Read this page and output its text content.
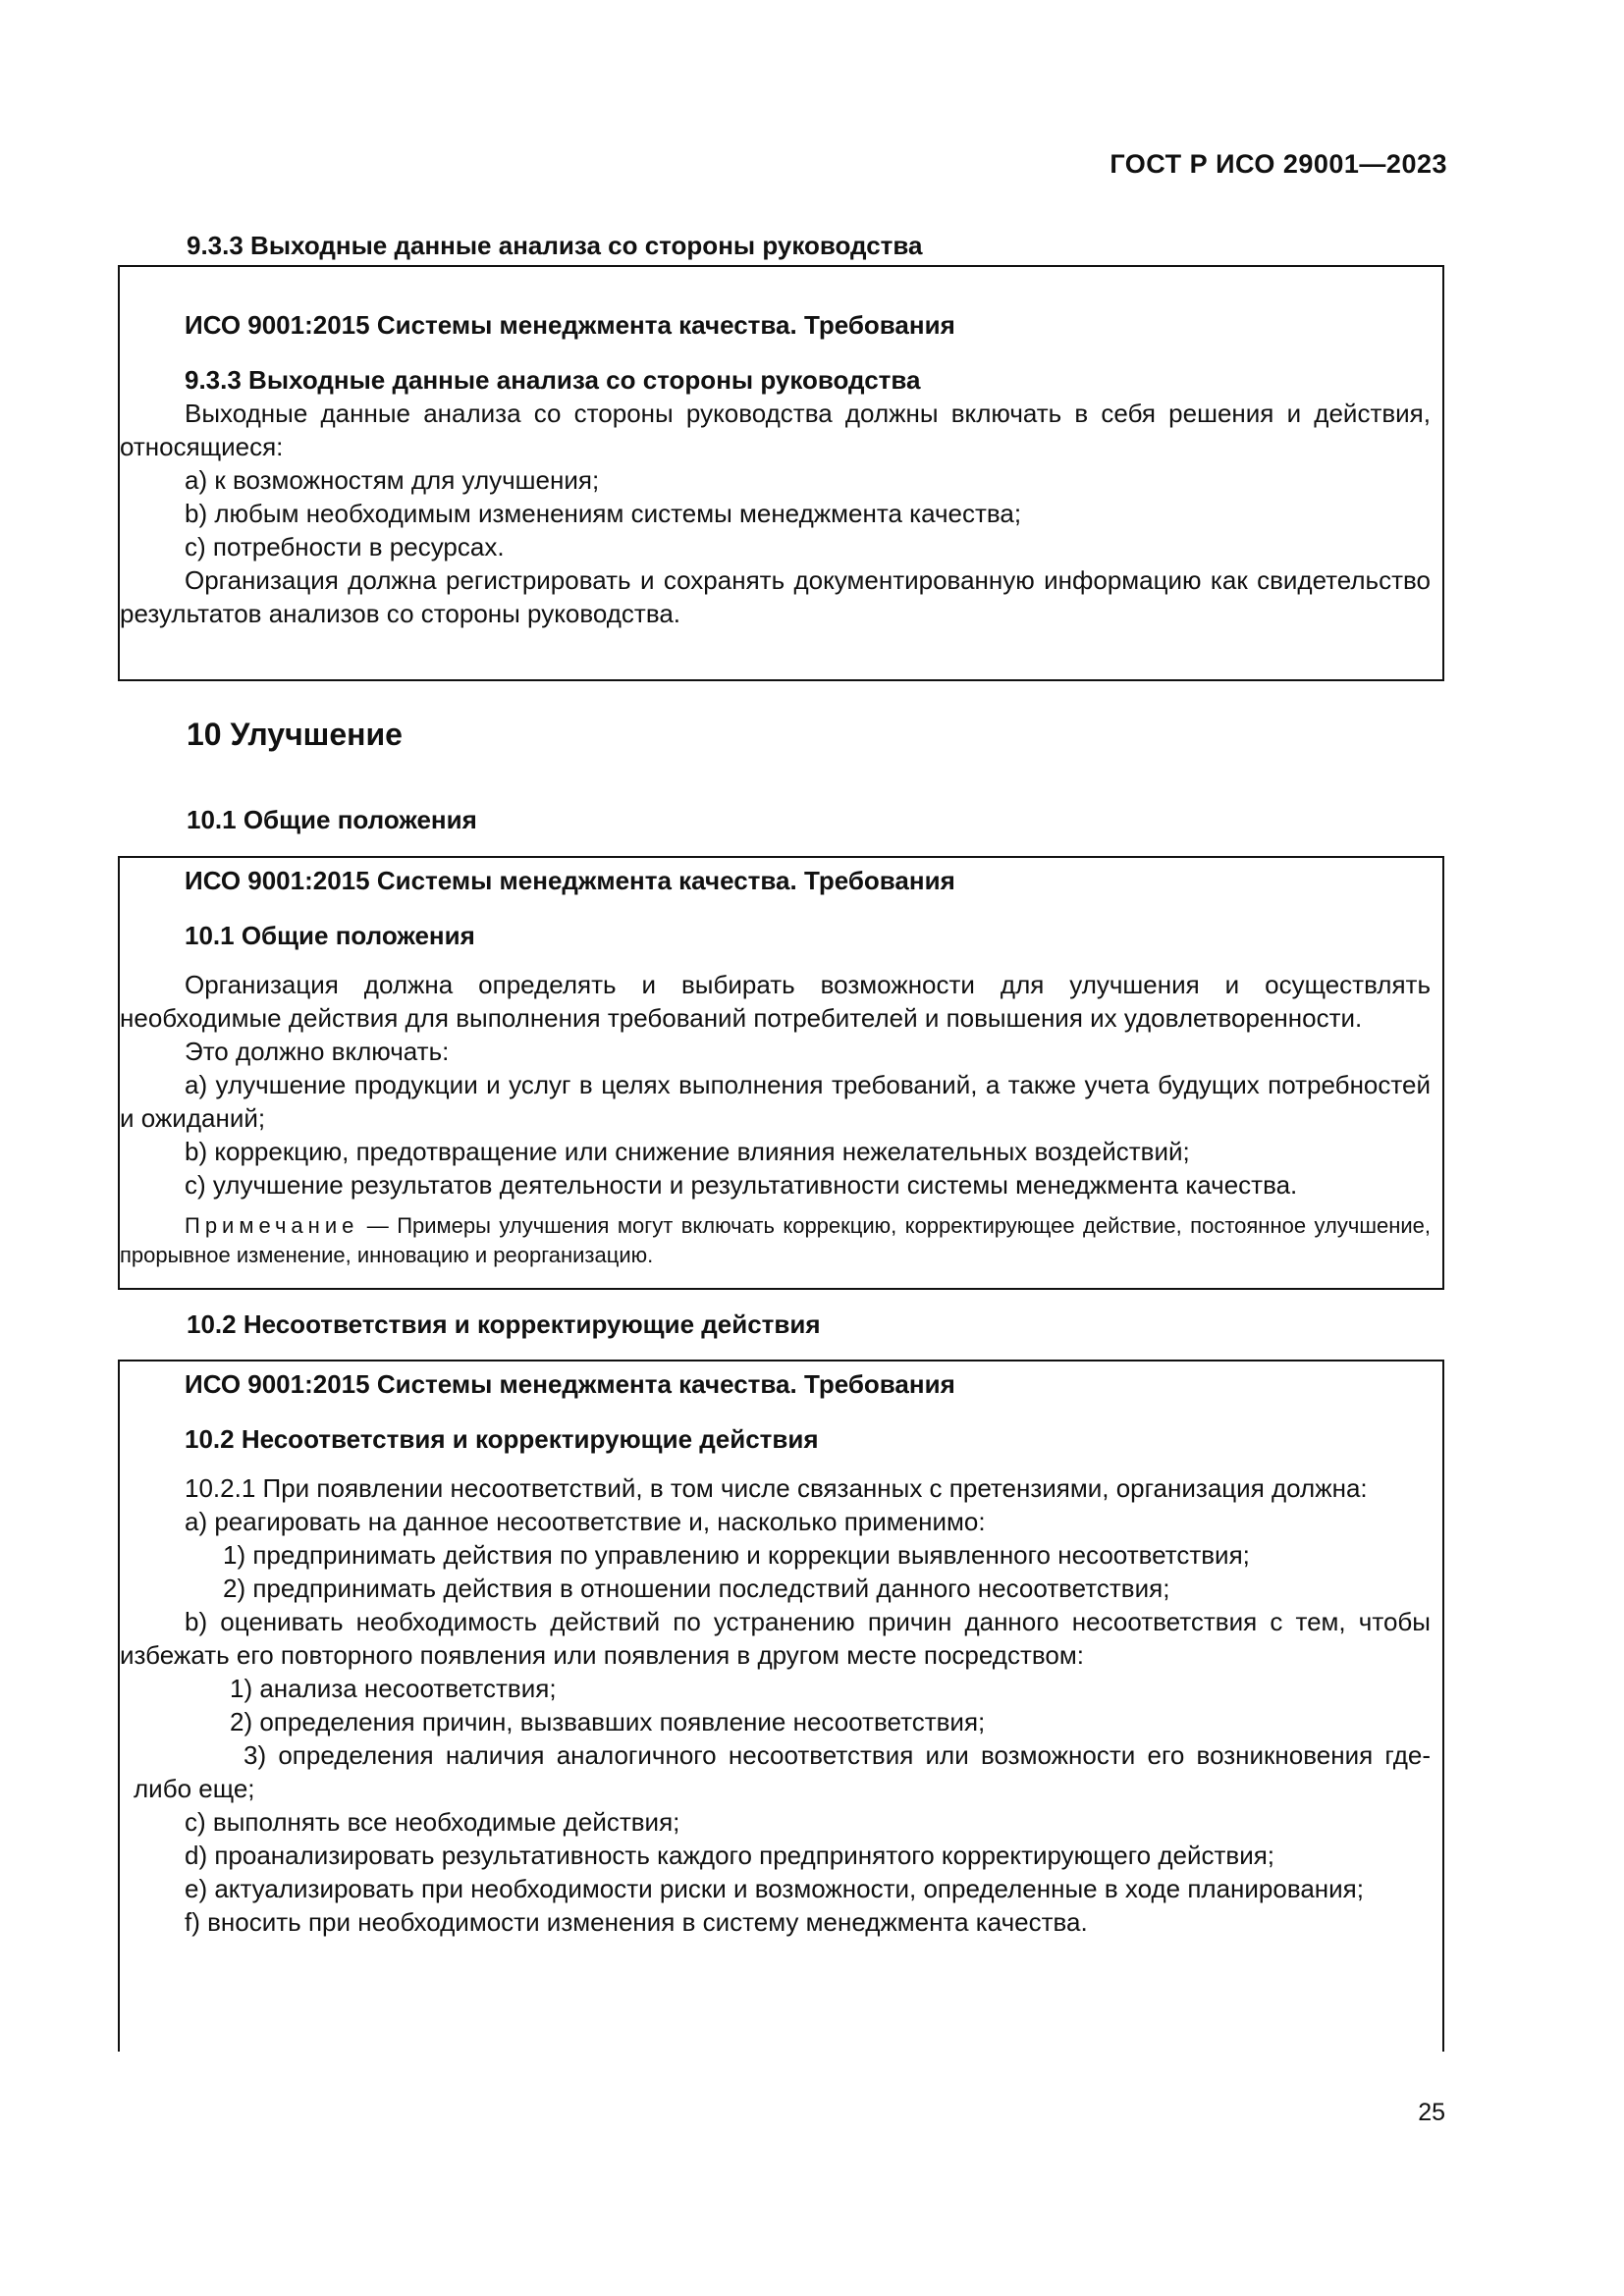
ГОСТ Р ИСО 29001—2023
9.3.3 Выходные данные анализа со стороны руководства
ИСО 9001:2015 Системы менеджмента качества. Требования
9.3.3 Выходные данные анализа со стороны руководства
Выходные данные анализа со стороны руководства должны включать в себя решения и действия, относящиеся:
a) к возможностям для улучшения;
b) любым необходимым изменениям системы менеджмента качества;
c) потребности в ресурсах.
Организация должна регистрировать и сохранять документированную информацию как свидетельство результатов анализов со стороны руководства.
10 Улучшение
10.1 Общие положения
ИСО 9001:2015 Системы менеджмента качества. Требования
10.1 Общие положения
Организация должна определять и выбирать возможности для улучшения и осуществлять необходимые действия для выполнения требований потребителей и повышения их удовлетворенности.
Это должно включать:
a) улучшение продукции и услуг в целях выполнения требований, а также учета будущих потребностей и ожиданий;
b) коррекцию, предотвращение или снижение влияния нежелательных воздействий;
c) улучшение результатов деятельности и результативности системы менеджмента качества.
Примечание — Примеры улучшения могут включать коррекцию, корректирующее действие, постоянное улучшение, прорывное изменение, инновацию и реорганизацию.
10.2 Несоответствия и корректирующие действия
ИСО 9001:2015 Системы менеджмента качества. Требования
10.2 Несоответствия и корректирующие действия
10.2.1 При появлении несоответствий, в том числе связанных с претензиями, организация должна:
a) реагировать на данное несоответствие и, насколько применимо:
1) предпринимать действия по управлению и коррекции выявленного несоответствия;
2) предпринимать действия в отношении последствий данного несоответствия;
b) оценивать необходимость действий по устранению причин данного несоответствия с тем, чтобы избежать его повторного появления или появления в другом месте посредством:
1) анализа несоответствия;
2) определения причин, вызвавших появление несоответствия;
3) определения наличия аналогичного несоответствия или возможности его возникновения где-либо еще;
c) выполнять все необходимые действия;
d) проанализировать результативность каждого предпринятого корректирующего действия;
e) актуализировать при необходимости риски и возможности, определенные в ходе планирования;
f) вносить при необходимости изменения в систему менеджмента качества.
25
